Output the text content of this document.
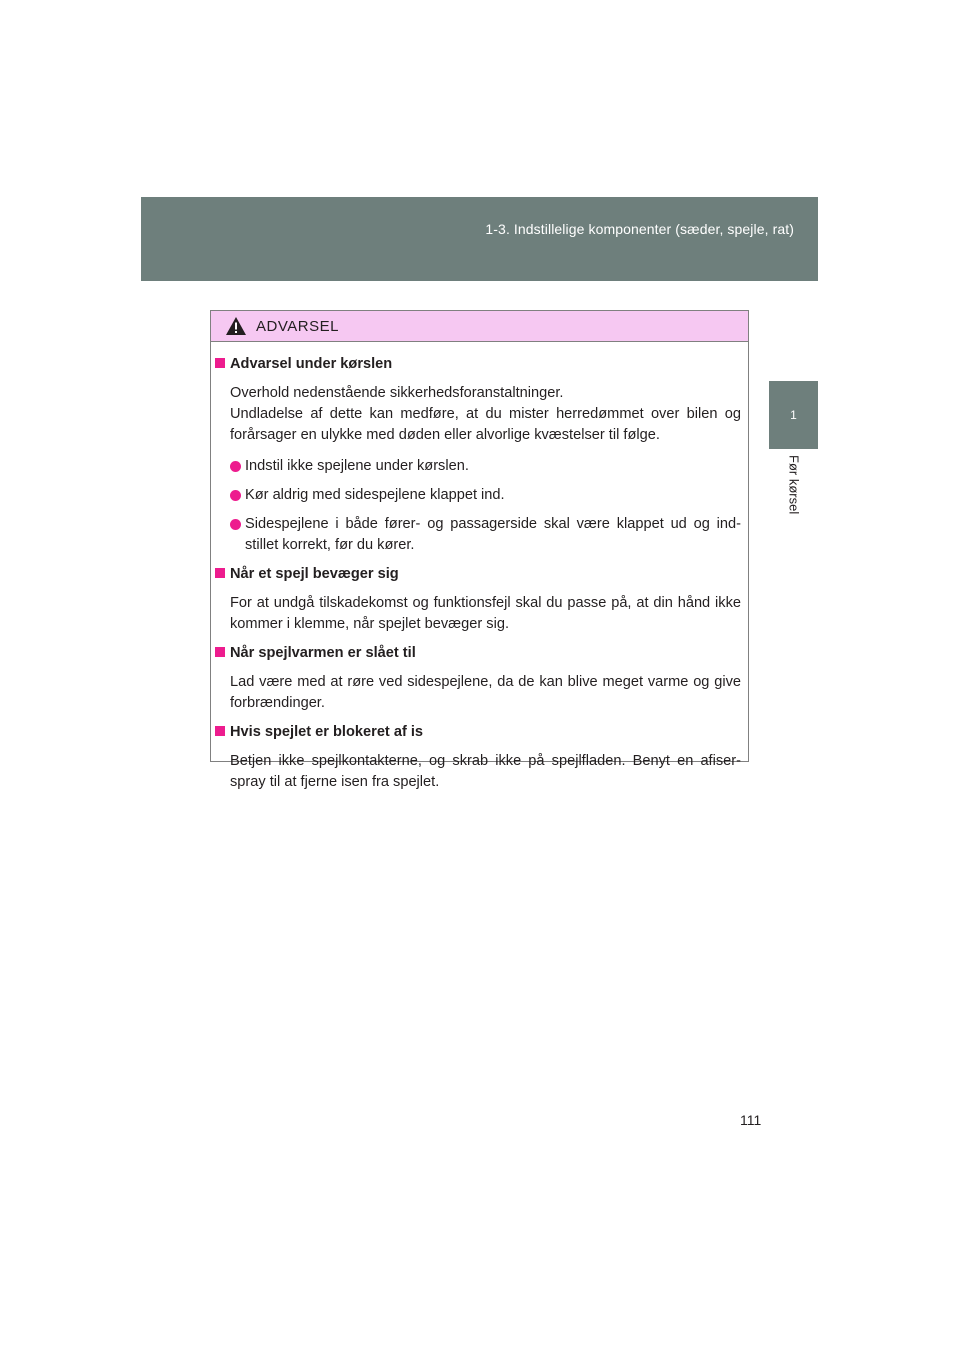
1-3. Indstillelige komponenter (sæder, spejle, rat)
1
Før kørsel
ADVARSEL
Advarsel under kørslen
Overhold nedenstående sikkerhedsforanstaltninger.
Undladelse af dette kan medføre, at du mister herredømmet over bilen og forårsager en ulykke med døden eller alvorlige kvæstelser til følge.
Indstil ikke spejlene under kørslen.
Kør aldrig med sidespejlene klappet ind.
Sidespejlene i både fører- og passagerside skal være klappet ud og ind-stillet korrekt, før du kører.
Når et spejl bevæger sig
For at undgå tilskadekomst og funktionsfejl skal du passe på, at din hånd ikke kommer i klemme, når spejlet bevæger sig.
Når spejlvarmen er slået til
Lad være med at røre ved sidespejlene, da de kan blive meget varme og give forbrændinger.
Hvis spejlet er blokeret af is
Betjen ikke spejlkontakterne, og skrab ikke på spejlfladen. Benyt en afiser-spray til at fjerne isen fra spejlet.
111
